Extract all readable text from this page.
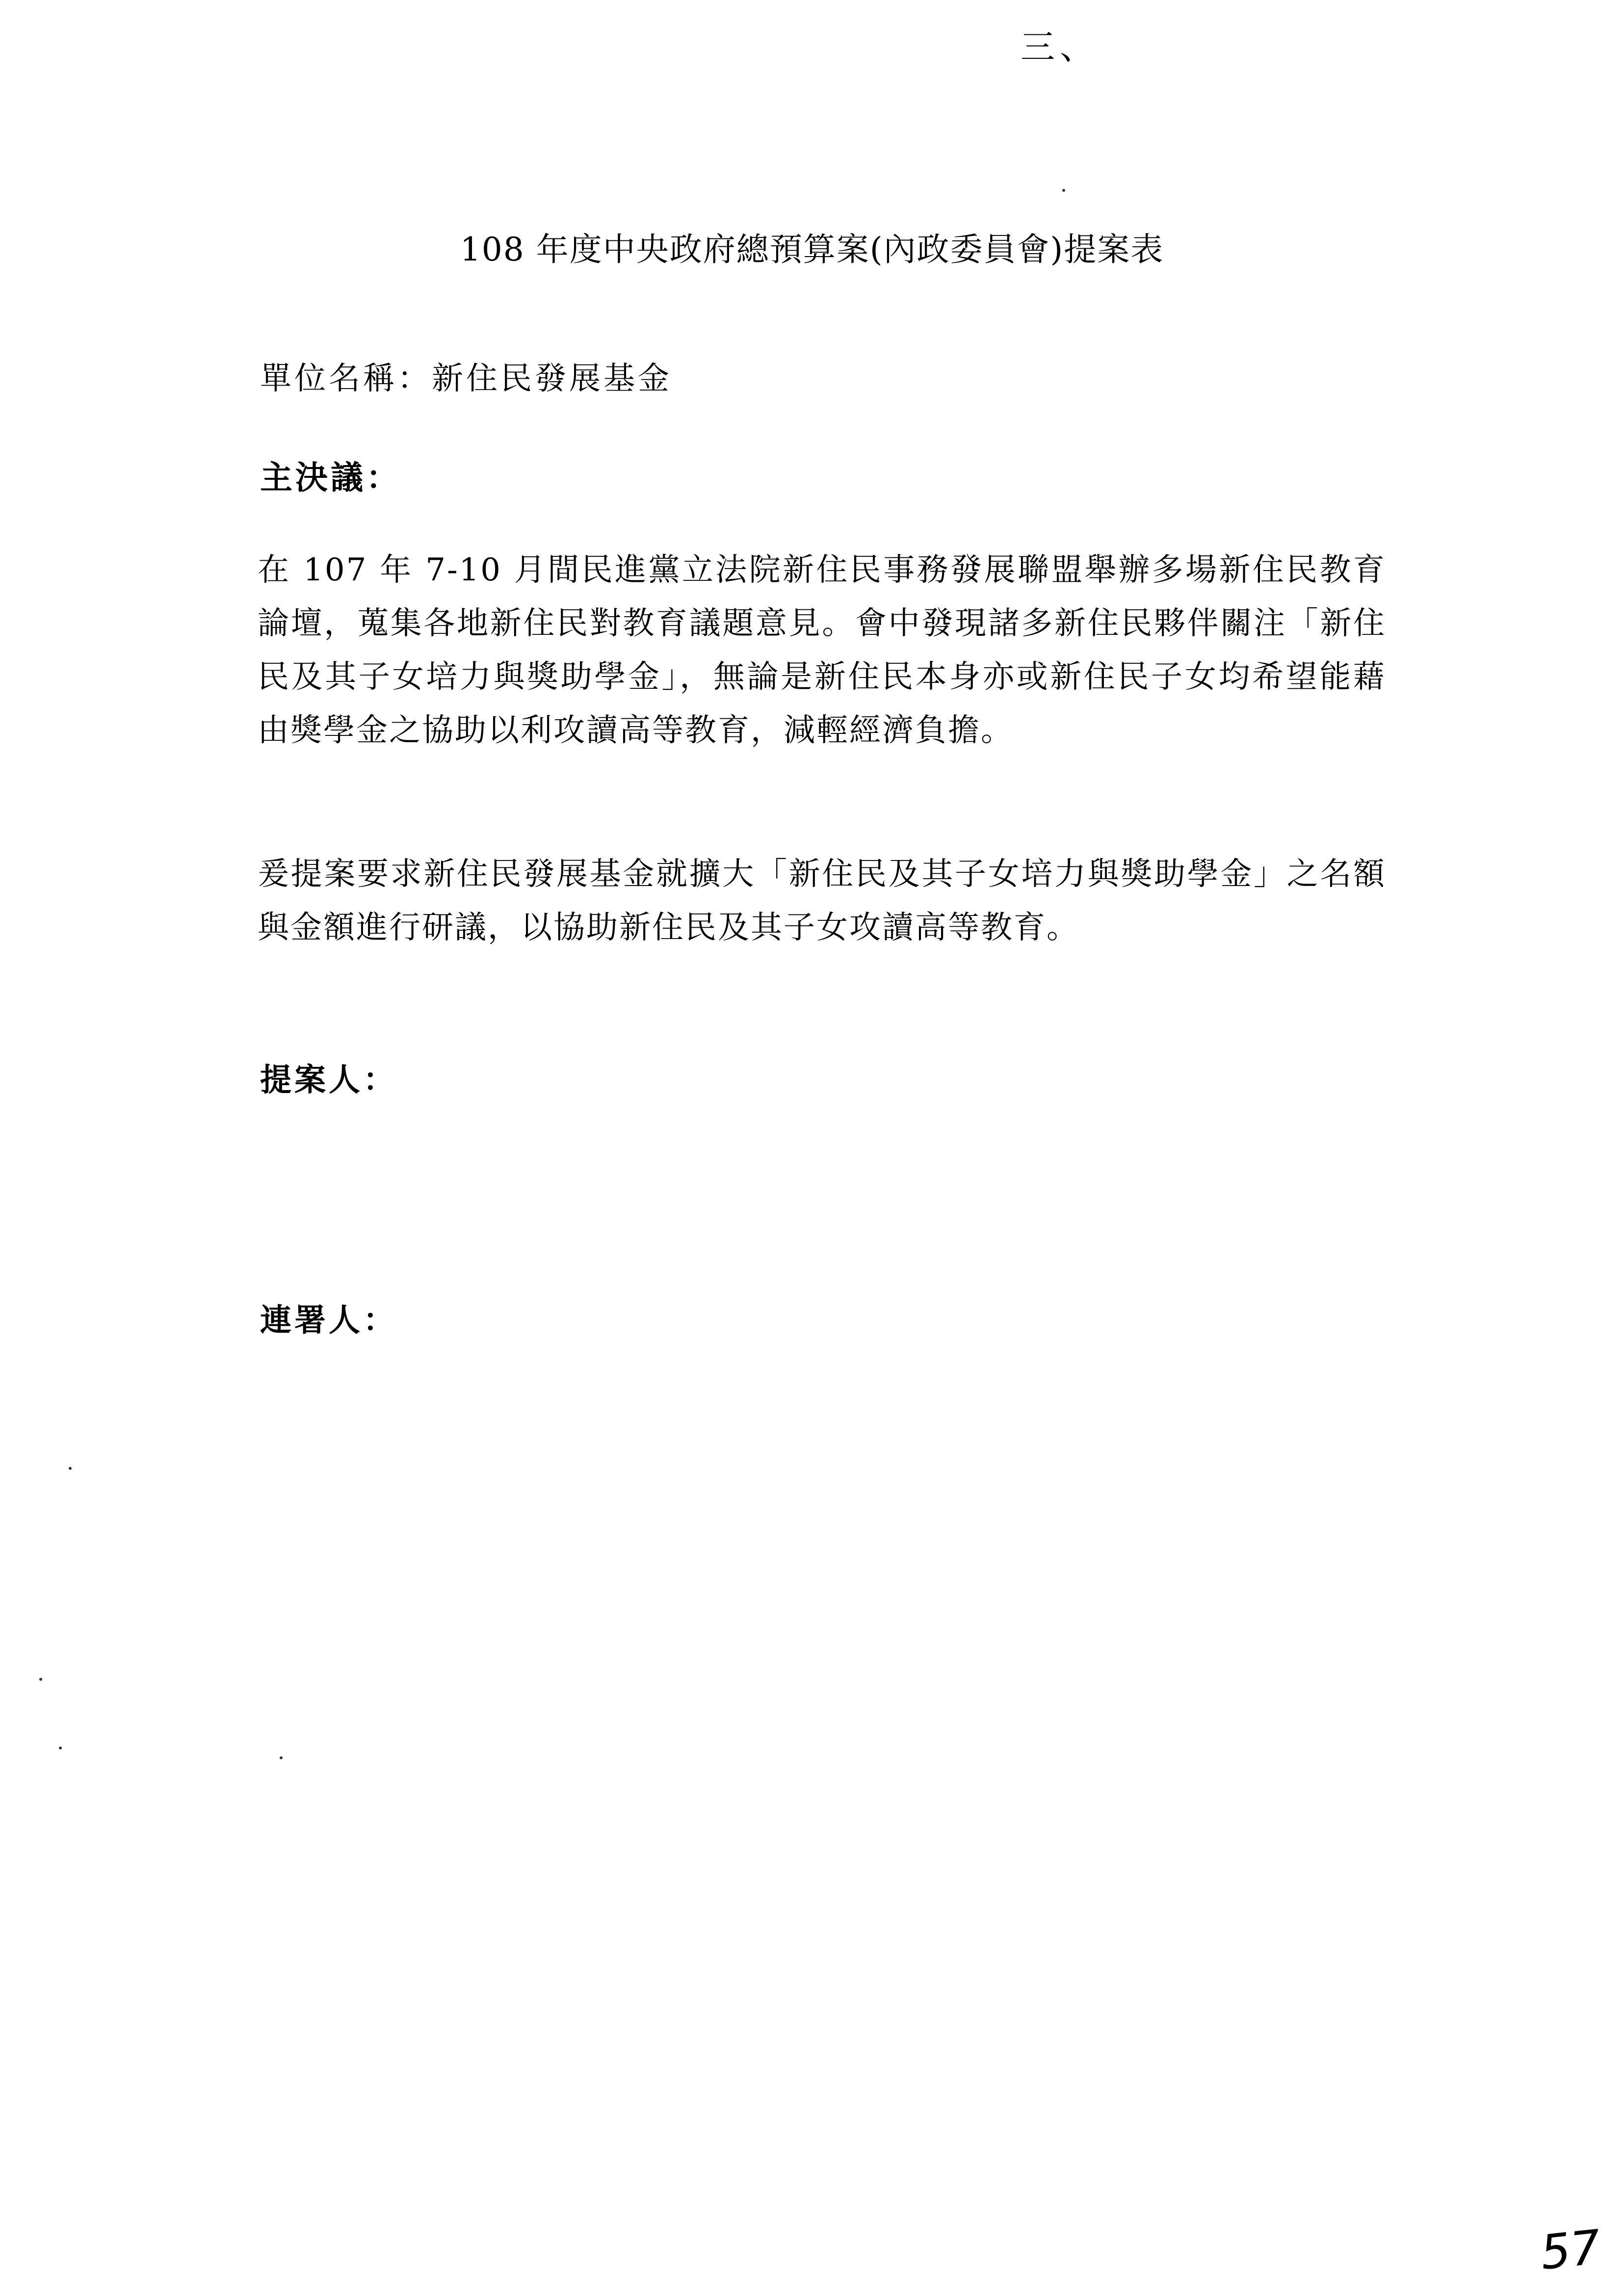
三、
108 年度中央政府總預算案(內政委員會)提案表
單位名稱：新住民發展基金
主決議：

在 107 年 7-10 月間民進黨立法院新住民事務發展聯盟舉辦多場新住民教育論壇，蒐集各地新住民對教育議題意見。會中發現諸多新住民夥伴關注「新住民及其子女培力與獎助學金」，無論是新住民本身亦或新住民子女均希望能藉由獎學金之協助以利攻讀高等教育，減輕經濟負擔。

爰提案要求新住民發展基金就擴大「新住民及其子女培力與獎助學金」之名額與金額進行研議，以協助新住民及其子女攻讀高等教育。

提案人：
連署人：
57
